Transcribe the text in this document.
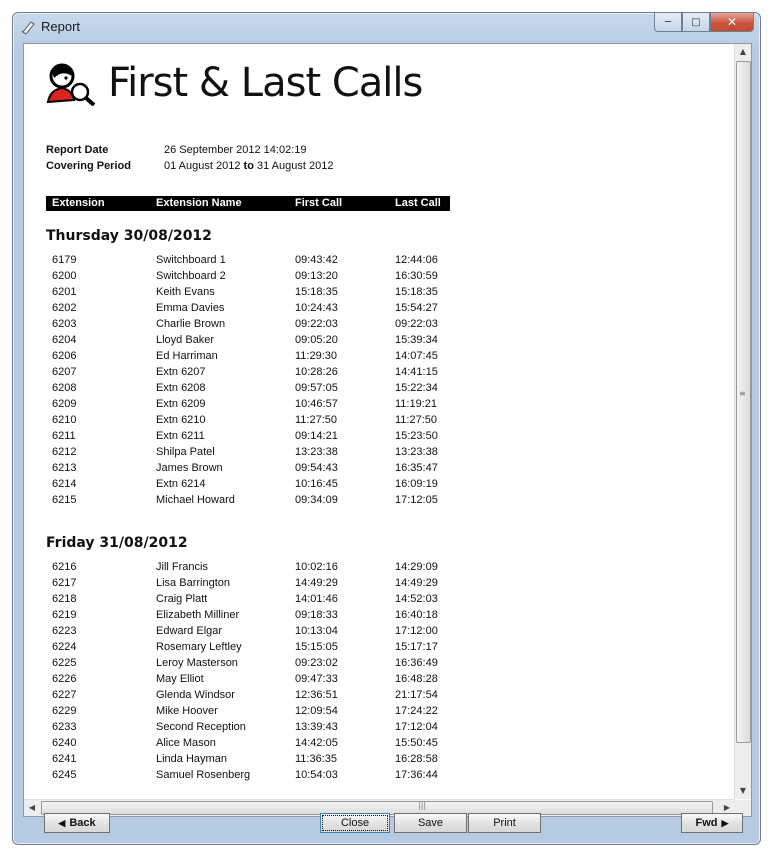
Report	─ □ ✕
First & Last Calls
Report Date	26 September 2012 14:02:19
Covering Period	01 August 2012 to 31 August 2012
Extension	Extension Name	First Call	Last Call
Thursday 30/08/2012
6179	Switchboard 1	09:43:42	12:44:06
6200	Switchboard 2	09:13:20	16:30:59
6201	Keith Evans	15:18:35	15:18:35
6202	Emma Davies	10:24:43	15:54:27
6203	Charlie Brown	09:22:03	09:22:03
6204	Lloyd Baker	09:05:20	15:39:34
6206	Ed Harriman	11:29:30	14:07:45
6207	Extn 6207	10:28:26	14:41:15
6208	Extn 6208	09:57:05	15:22:34
6209	Extn 6209	10:46:57	11:19:21
6210	Extn 6210	11:27:50	11:27:50
6211	Extn 6211	09:14:21	15:23:50
6212	Shilpa Patel	13:23:38	13:23:38
6213	James Brown	09:54:43	16:35:47
6214	Extn 6214	10:16:45	16:09:19
6215	Michael Howard	09:34:09	17:12:05
Friday 31/08/2012
6216	Jill Francis	10:02:16	14:29:09
6217	Lisa Barrington	14:49:29	14:49:29
6218	Craig Platt	14:01:46	14:52:03
6219	Elizabeth Milliner	09:18:33	16:40:18
6223	Edward Elgar	10:13:04	17:12:00
6224	Rosemary Leftley	15:15:05	15:17:17
6225	Leroy Masterson	09:23:02	16:36:49
6226	May Elliot	09:47:33	16:48:28
6227	Glenda Windsor	12:36:51	21:17:54
6229	Mike Hoover	12:09:54	17:24:22
6233	Second Reception	13:39:43	17:12:04
6240	Alice Mason	14:42:05	15:50:45
6241	Linda Hayman	11:36:35	16:28:58
6245	Samuel Rosenberg	10:54:03	17:36:44
▲
≡
▼
◀	|||	▶
◀ Back	Close	Save	Print	Fwd ▶
